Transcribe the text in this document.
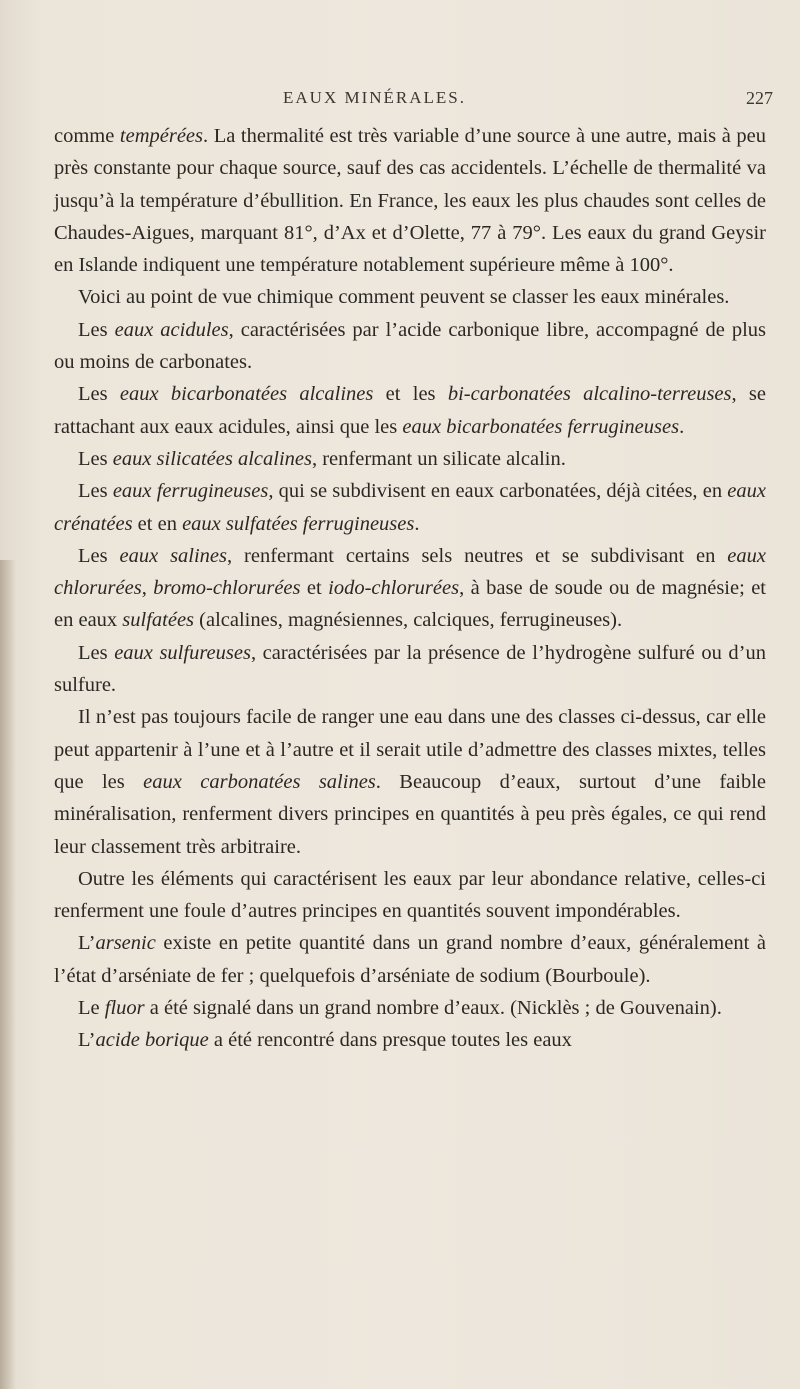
EAUX MINÉRALES.	227

comme tempérées. La thermalité est très variable d’une source à une autre, mais à peu près constante pour chaque source, sauf des cas accidentels. L’échelle de thermalité va jusqu’à la température d’ébullition. En France, les eaux les plus chaudes sont celles de Chaudes-Aigues, marquant 81°, d’Ax et d’Olette, 77 à 79°. Les eaux du grand Geysir en Islande indiquent une température notablement supérieure même à 100°.

Voici au point de vue chimique comment peuvent se classer les eaux minérales.

Les eaux acidules, caractérisées par l’acide carbonique libre, accompagné de plus ou moins de carbonates.

Les eaux bicarbonatées alcalines et les bi-carbonatées alcalino-terreuses, se rattachant aux eaux acidules, ainsi que les eaux bicarbonatées ferrugineuses.

Les eaux silicatées alcalines, renfermant un silicate alcalin.

Les eaux ferrugineuses, qui se subdivisent en eaux carbonatées, déjà citées, en eaux crénatées et en eaux sulfatées ferrugineuses.

Les eaux salines, renfermant certains sels neutres et se subdivisant en eaux chlorurées, bromo-chlorurées et iodo-chlorurées, à base de soude ou de magnésie; et en eaux sulfatées (alcalines, magnésiennes, calciques, ferrugineuses).

Les eaux sulfureuses, caractérisées par la présence de l’hydrogène sulfuré ou d’un sulfure.

Il n’est pas toujours facile de ranger une eau dans une des classes ci-dessus, car elle peut appartenir à l’une et à l’autre et il serait utile d’admettre des classes mixtes, telles que les eaux carbonatées salines. Beaucoup d’eaux, surtout d’une faible minéralisation, renferment divers principes en quantités à peu près égales, ce qui rend leur classement très arbitraire.

Outre les éléments qui caractérisent les eaux par leur abondance relative, celles-ci renferment une foule d’autres principes en quantités souvent impondérables.

L’arsenic existe en petite quantité dans un grand nombre d’eaux, généralement à l’état d’arséniate de fer ; quelquefois d’arséniate de sodium (Bourboule).

Le fluor a été signalé dans un grand nombre d’eaux. (Nicklès ; de Gouvenain).

L’acide borique a été rencontré dans presque toutes les eaux
